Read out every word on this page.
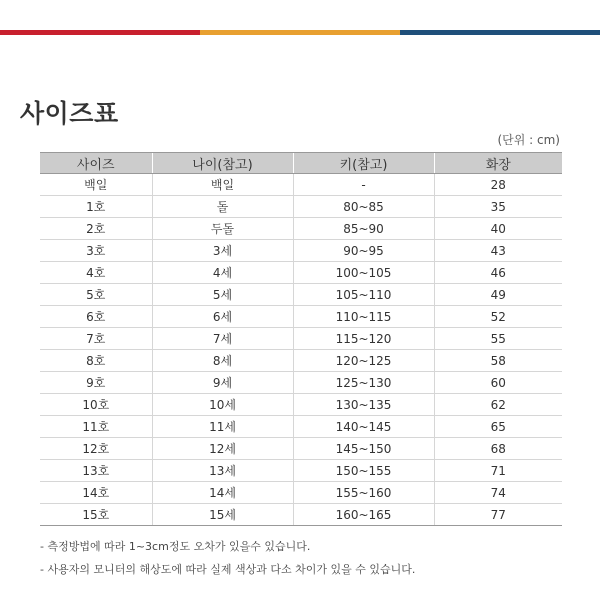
사이즈표
(단위 : cm)
사이즈	나이(참고)	키(참고)	화장
백일	백일	-	28
1호	돌	80~85	35
2호	두돌	85~90	40
3호	3세	90~95	43
4호	4세	100~105	46
5호	5세	105~110	49
6호	6세	110~115	52
7호	7세	115~120	55
8호	8세	120~125	58
9호	9세	125~130	60
10호	10세	130~135	62
11호	11세	140~145	65
12호	12세	145~150	68
13호	13세	150~155	71
14호	14세	155~160	74
15호	15세	160~165	77
- 측정방법에 따라 1~3cm정도 오차가 있을수 있습니다.
- 사용자의 모니터의 해상도에 따라 실제 색상과 다소 차이가 있을 수 있습니다.
